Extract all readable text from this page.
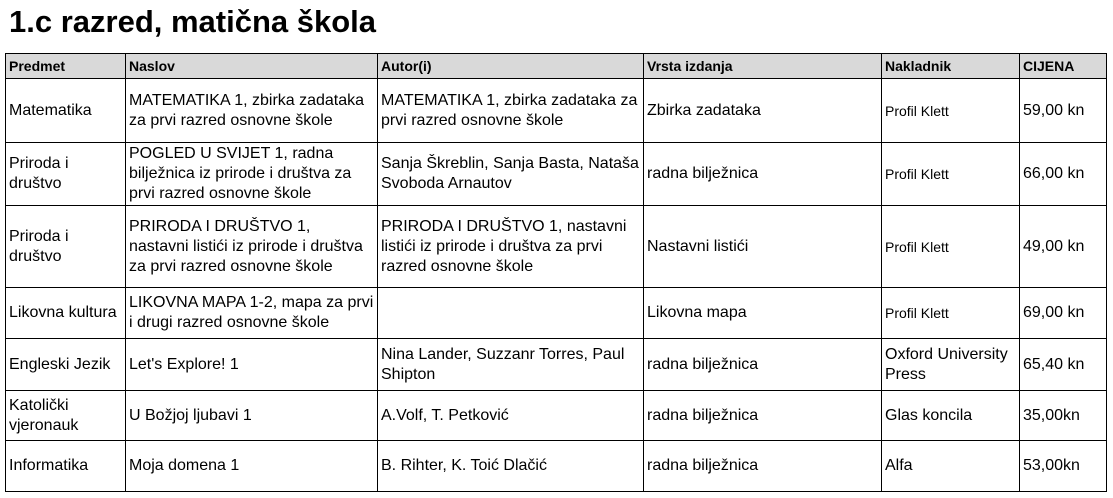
1.c razred, matična škola
Predmet	Naslov	Autor(i)	Vrsta izdanja	Nakladnik	CIJENA
Matematika	MATEMATIKA 1, zbirka zadataka za prvi razred osnovne škole	MATEMATIKA 1, zbirka zadataka za prvi razred osnovne škole	Zbirka zadataka	Profil Klett	59,00 kn
Priroda i društvo	POGLED U SVIJET 1, radna bilježnica iz prirode i društva za prvi razred osnovne škole	Sanja Škreblin, Sanja Basta, Nataša Svoboda Arnautov	radna bilježnica	Profil Klett	66,00 kn
Priroda i društvo	PRIRODA I DRUŠTVO 1, nastavni listići iz prirode i društva za prvi razred osnovne škole	PRIRODA I DRUŠTVO 1, nastavni listići iz prirode i društva za prvi razred osnovne škole	Nastavni listići	Profil Klett	49,00 kn
Likovna kultura	LIKOVNA MAPA 1-2, mapa za prvi i drugi razred osnovne škole		Likovna mapa	Profil Klett	69,00 kn
Engleski Jezik	Let's Explore! 1	Nina Lander, Suzzanr Torres, Paul Shipton	radna bilježnica	Oxford University Press	65,40 kn
Katolički vjeronauk	U Božjoj ljubavi 1	A.Volf, T. Petković	radna bilježnica	Glas koncila	35,00kn
Informatika	Moja domena 1	B. Rihter, K. Toić Dlačić	radna bilježnica	Alfa	53,00kn
